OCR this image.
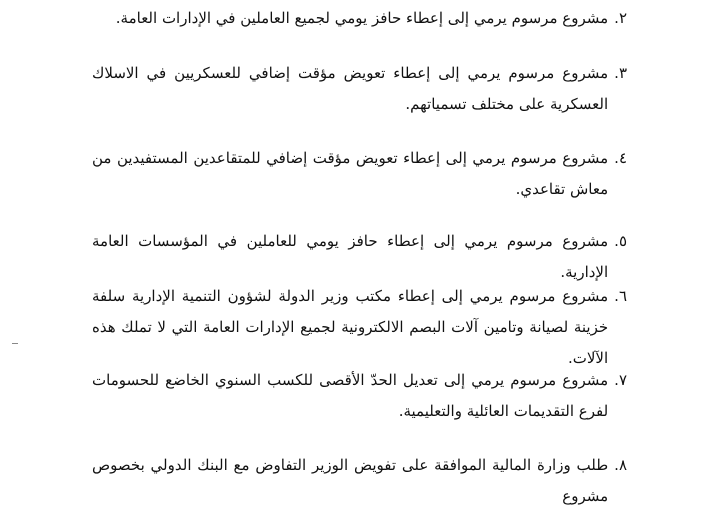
٢.
مشروع مرسوم يرمي إلى إعطاء حافز يومي لجميع العاملين في الإدارات العامة.
٣.
مشروع مرسوم يرمي إلى إعطاء تعويض مؤقت إضافي للعسكريين في الاسلاك العسكرية على مختلف تسمياتهم.
٤.
مشروع مرسوم يرمي إلى إعطاء تعويض مؤقت إضافي للمتقاعدين المستفيدين من معاش تقاعدي.
٥.
مشروع مرسوم يرمي إلى إعطاء حافز يومي للعاملين في المؤسسات العامة الإدارية.
٦.
مشروع مرسوم يرمي إلى إعطاء مكتب وزير الدولة لشؤون التنمية الإدارية سلفة خزينة لصيانة وتامين آلات البصم الالكترونية لجميع الإدارات العامة التي لا تملك هذه الآلات.
٧.
مشروع مرسوم يرمي إلى تعديل الحدّ الأقصى للكسب السنوي الخاضع للحسومات لفرع التقديمات العائلية والتعليمية.
٨.
طلب وزارة المالية الموافقة على تفويض الوزير التفاوض مع البنك الدولي بخصوص مشروع
